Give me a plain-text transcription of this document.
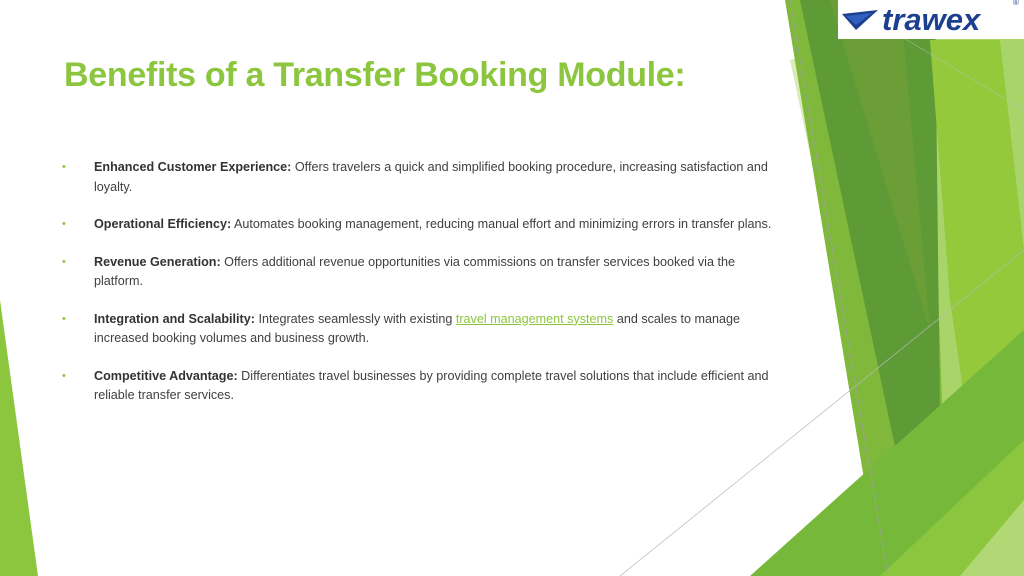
trawex	®
Benefits of a Transfer Booking Module:
• Enhanced Customer Experience: Offers travelers a quick and simplified booking procedure, increasing satisfaction and loyalty.
• Operational Efficiency: Automates booking management, reducing manual effort and minimizing errors in transfer plans.
• Revenue Generation: Offers additional revenue opportunities via commissions on transfer services booked via the platform.
• Integration and Scalability: Integrates seamlessly with existing travel management systems and scales to manage increased booking volumes and business growth.
• Competitive Advantage: Differentiates travel businesses by providing complete travel solutions that include efficient and reliable transfer services.
